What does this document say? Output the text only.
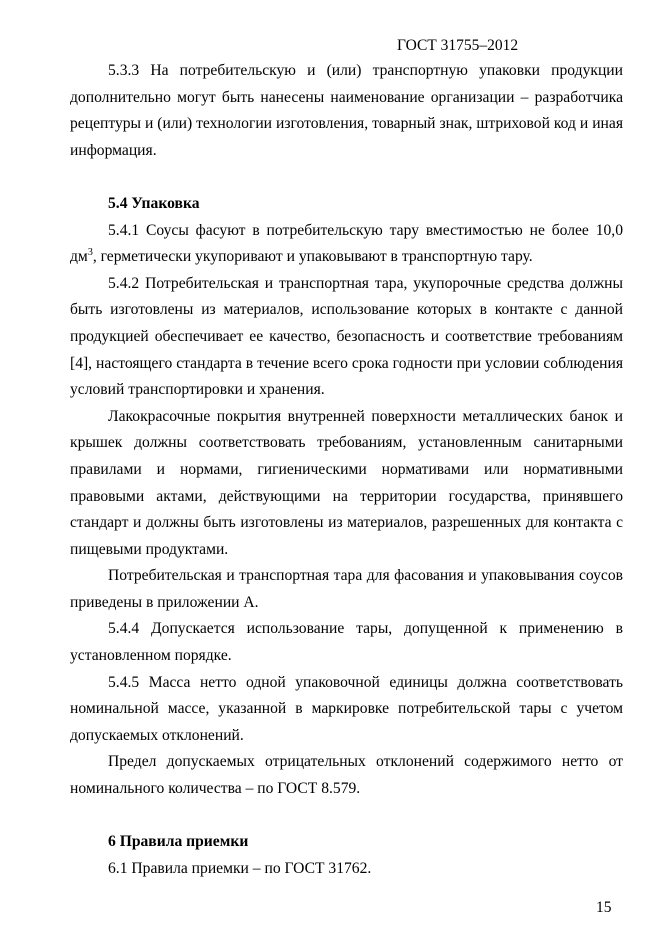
ГОСТ 31755–2012

5.3.3 На потребительскую и (или) транспортную упаковки продукции дополнительно могут быть нанесены наименование организации – разработчика рецептуры и (или) технологии изготовления, товарный знак, штриховой код и иная информация.

5.4 Упаковка

5.4.1 Соусы фасуют в потребительскую тару вместимостью не более 10,0 $дм^3$, герметически укупоривают и упаковывают в транспортную тару.

5.4.2 Потребительская и транспортная тара, укупорочные средства должны быть изготовлены из материалов, использование которых в контакте с данной продукцией обеспечивает ее качество, безопасность и соответствие требованиям [4], настоящего стандарта в течение всего срока годности при условии соблюдения условий транспортировки и хранения.

Лакокрасочные покрытия внутренней поверхности металлических банок и крышек должны соответствовать требованиям, установленным санитарными правилами и нормами, гигиеническими нормативами или нормативными правовыми актами, действующими на территории государства, принявшего стандарт и должны быть изготовлены из материалов, разрешенных для контакта с пищевыми продуктами.

Потребительская и транспортная тара для фасования и упаковывания соусов приведены в приложении А.

5.4.4 Допускается использование тары, допущенной к применению в установленном порядке.

5.4.5 Масса нетто одной упаковочной единицы должна соответствовать номинальной массе, указанной в маркировке потребительской тары с учетом допускаемых отклонений.

Предел допускаемых отрицательных отклонений содержимого нетто от номинального количества – по ГОСТ 8.579.

6 Правила приемки

6.1 Правила приемки – по ГОСТ 31762.

15
